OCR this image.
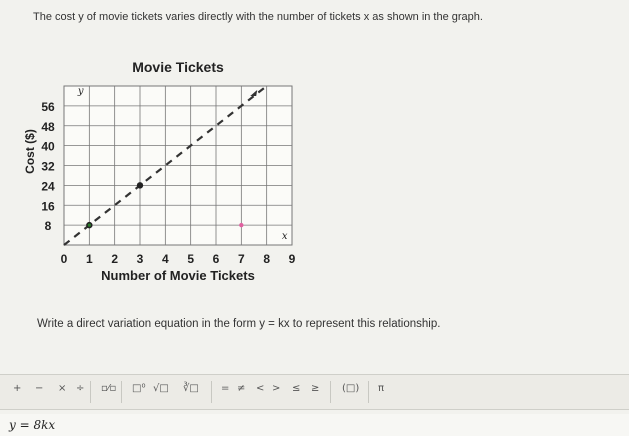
The cost y of movie tickets varies directly with the number of tickets x as shown in the graph.
Movie Tickets
0 1 2 3 4 5 6 7 8 9
8
16
24
32
40
48
56
Number of Movie Tickets
Cost ($)
x
y
Write a direct variation equation in the form y = kx to represent this relationship.
+ − × ÷ ▫⁄▫ □⁰ √□ ∛□ = ≠ < > ≤ ≥ (□) π
y = 8kx
